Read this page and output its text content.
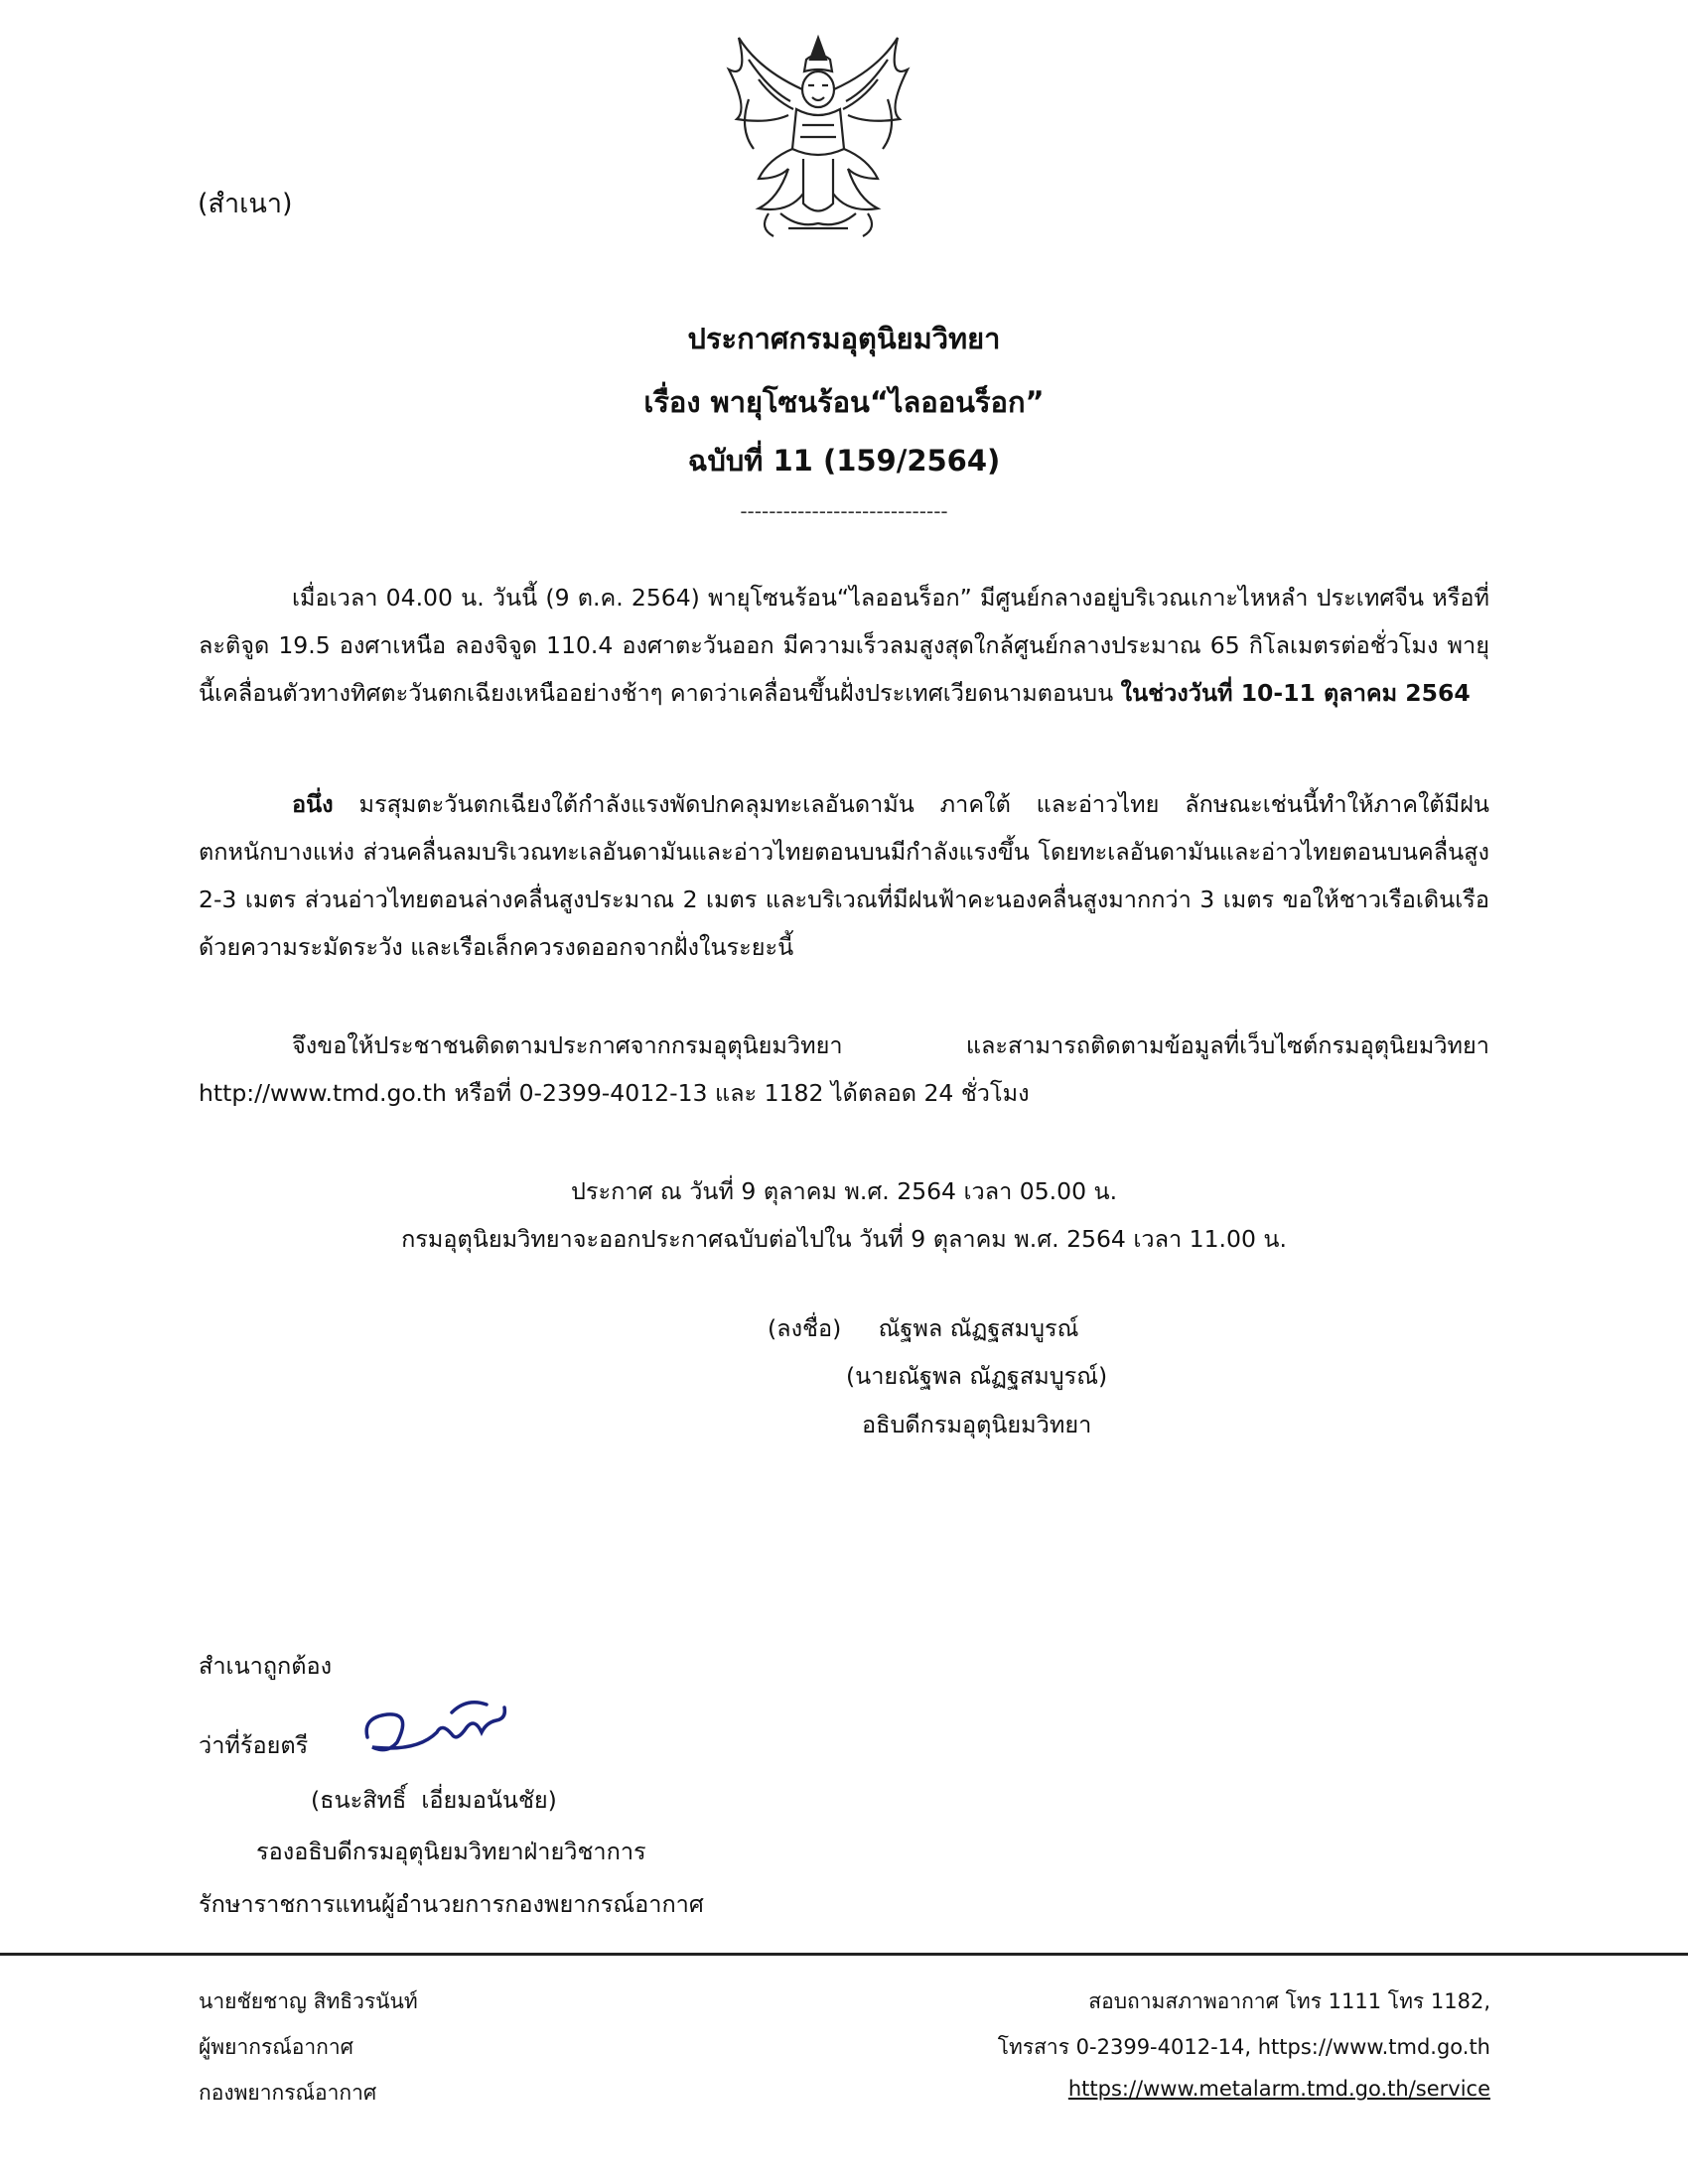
(สำเนา)
ประกาศกรมอุตุนิยมวิทยา
เรื่อง พายุโซนร้อน“ไลออนร็อก”
ฉบับที่ 11 (159/2564)
-----------------------------
เมื่อเวลา 04.00 น. วันนี้ (9 ต.ค. 2564) พายุโซนร้อน“ไลออนร็อก” มีศูนย์กลางอยู่บริเวณเกาะไหหลำ ประเทศจีน หรือที่ละติจูด 19.5 องศาเหนือ ลองจิจูด 110.4 องศาตะวันออก มีความเร็วลมสูงสุดใกล้ศูนย์กลางประมาณ 65 กิโลเมตรต่อชั่วโมง พายุนี้เคลื่อนตัวทางทิศตะวันตกเฉียงเหนืออย่างช้าๆ คาดว่าเคลื่อนขึ้นฝั่งประเทศเวียดนามตอนบน ในช่วงวันที่ 10-11 ตุลาคม 2564
อนึ่ง มรสุมตะวันตกเฉียงใต้กำลังแรงพัดปกคลุมทะเลอันดามัน ภาคใต้ และอ่าวไทย ลักษณะเช่นนี้ทำให้ภาคใต้มีฝนตกหนักบางแห่ง ส่วนคลื่นลมบริเวณทะเลอันดามันและอ่าวไทยตอนบนมีกำลังแรงขึ้น โดยทะเลอันดามันและอ่าวไทยตอนบนคลื่นสูง 2-3 เมตร ส่วนอ่าวไทยตอนล่างคลื่นสูงประมาณ 2 เมตร และบริเวณที่มีฝนฟ้าคะนองคลื่นสูงมากกว่า 3 เมตร ขอให้ชาวเรือเดินเรือด้วยความระมัดระวัง และเรือเล็กควรงดออกจากฝั่งในระยะนี้
จึงขอให้ประชาชนติดตามประกาศจากกรมอุตุนิยมวิทยา และสามารถติดตามข้อมูลที่เว็บไซต์กรมอุตุนิยมวิทยา http://www.tmd.go.th หรือที่ 0-2399-4012-13 และ 1182 ได้ตลอด 24 ชั่วโมง
ประกาศ ณ วันที่ 9 ตุลาคม พ.ศ. 2564 เวลา 05.00 น.
กรมอุตุนิยมวิทยาจะออกประกาศฉบับต่อไปใน วันที่ 9 ตุลาคม พ.ศ. 2564 เวลา 11.00 น.
(ลงชื่อ)     ณัฐพล ณัฏฐสมบูรณ์
(นายณัฐพล ณัฏฐสมบูรณ์)
อธิบดีกรมอุตุนิยมวิทยา
สำเนาถูกต้อง
ว่าที่ร้อยตรี
(ธนะสิทธิ์  เอี่ยมอนันชัย)
รองอธิบดีกรมอุตุนิยมวิทยาฝ่ายวิชาการ
รักษาราชการแทนผู้อำนวยการกองพยากรณ์อากาศ
นายชัยชาญ สิทธิวรนันท์
ผู้พยากรณ์อากาศ
กองพยากรณ์อากาศ
สอบถามสภาพอากาศ โทร 1111 โทร 1182,
โทรสาร 0-2399-4012-14, https://www.tmd.go.th
https://www.metalarm.tmd.go.th/service
